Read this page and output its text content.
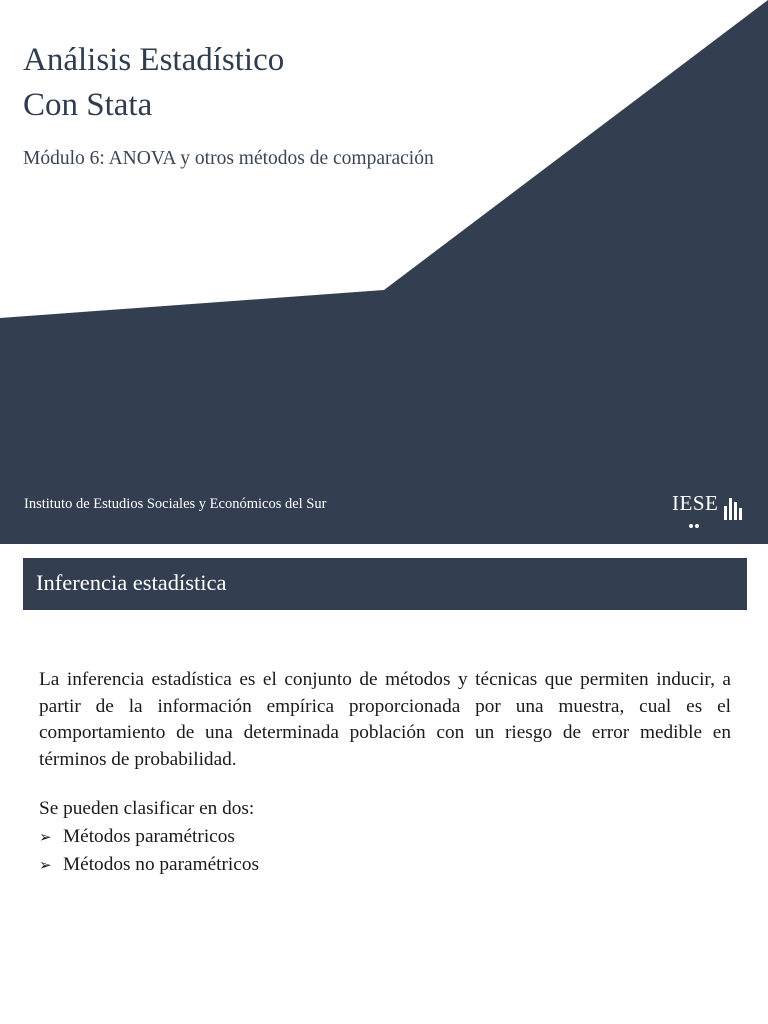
Análisis Estadístico
Con Stata
Módulo 6: ANOVA y otros métodos de comparación
Instituto de Estudios Sociales y Económicos del Sur	IESE
Inferencia estadística

La inferencia estadística es el conjunto de métodos y técnicas que permiten inducir, a partir de la información empírica proporcionada por una muestra, cual es el comportamiento de una determinada población con un riesgo de error medible en términos de probabilidad.

Se pueden clasificar en dos:
➢ Métodos paramétricos
➢ Métodos no paramétricos
